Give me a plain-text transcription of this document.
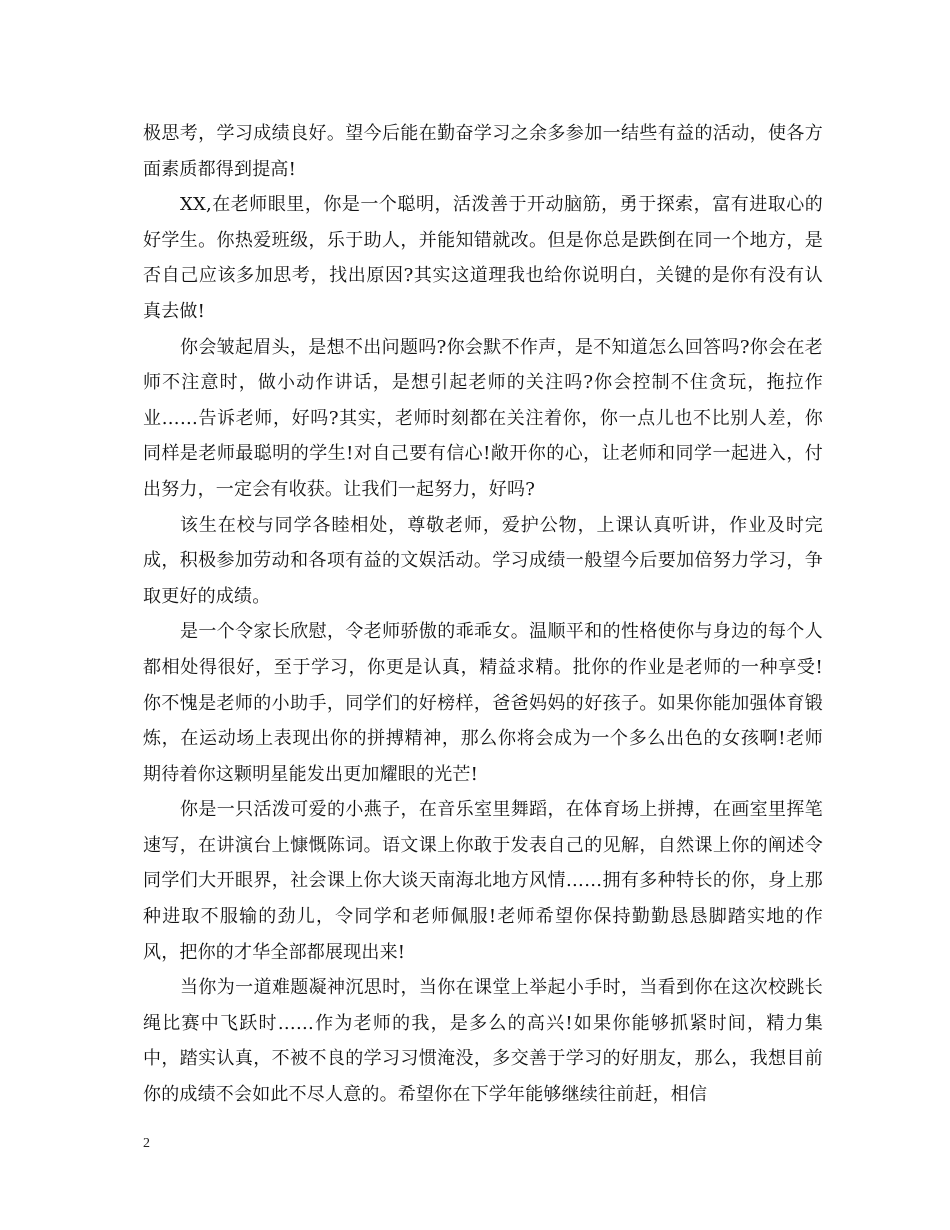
极思考，学习成绩良好。望今后能在勤奋学习之余多参加一结些有益的活动，使各方面素质都得到提高!

XX,在老师眼里，你是一个聪明，活泼善于开动脑筋，勇于探索，富有进取心的好学生。你热爱班级，乐于助人，并能知错就改。但是你总是跌倒在同一个地方，是否自己应该多加思考，找出原因?其实这道理我也给你说明白，关键的是你有没有认真去做!

你会皱起眉头，是想不出问题吗?你会默不作声，是不知道怎么回答吗?你会在老师不注意时，做小动作讲话，是想引起老师的关注吗?你会控制不住贪玩，拖拉作业……告诉老师，好吗?其实，老师时刻都在关注着你，你一点儿也不比别人差，你同样是老师最聪明的学生!对自己要有信心!敞开你的心，让老师和同学一起进入，付出努力，一定会有收获。让我们一起努力，好吗?

该生在校与同学各睦相处，尊敬老师，爱护公物，上课认真听讲，作业及时完成，积极参加劳动和各项有益的文娱活动。学习成绩一般望今后要加倍努力学习，争取更好的成绩。

是一个令家长欣慰，令老师骄傲的乖乖女。温顺平和的性格使你与身边的每个人都相处得很好，至于学习，你更是认真，精益求精。批你的作业是老师的一种享受!你不愧是老师的小助手，同学们的好榜样，爸爸妈妈的好孩子。如果你能加强体育锻炼，在运动场上表现出你的拼搏精神，那么你将会成为一个多么出色的女孩啊!老师期待着你这颗明星能发出更加耀眼的光芒!

你是一只活泼可爱的小燕子，在音乐室里舞蹈，在体育场上拼搏，在画室里挥笔速写，在讲演台上慷慨陈词。语文课上你敢于发表自己的见解，自然课上你的阐述令同学们大开眼界，社会课上你大谈天南海北地方风情……拥有多种特长的你，身上那种进取不服输的劲儿，令同学和老师佩服!老师希望你保持勤勤恳恳脚踏实地的作风，把你的才华全部都展现出来!

当你为一道难题凝神沉思时，当你在课堂上举起小手时，当看到你在这次校跳长绳比赛中飞跃时……作为老师的我，是多么的高兴!如果你能够抓紧时间，精力集中，踏实认真，不被不良的学习习惯淹没，多交善于学习的好朋友，那么，我想目前你的成绩不会如此不尽人意的。希望你在下学年能够继续往前赶，相信

2
